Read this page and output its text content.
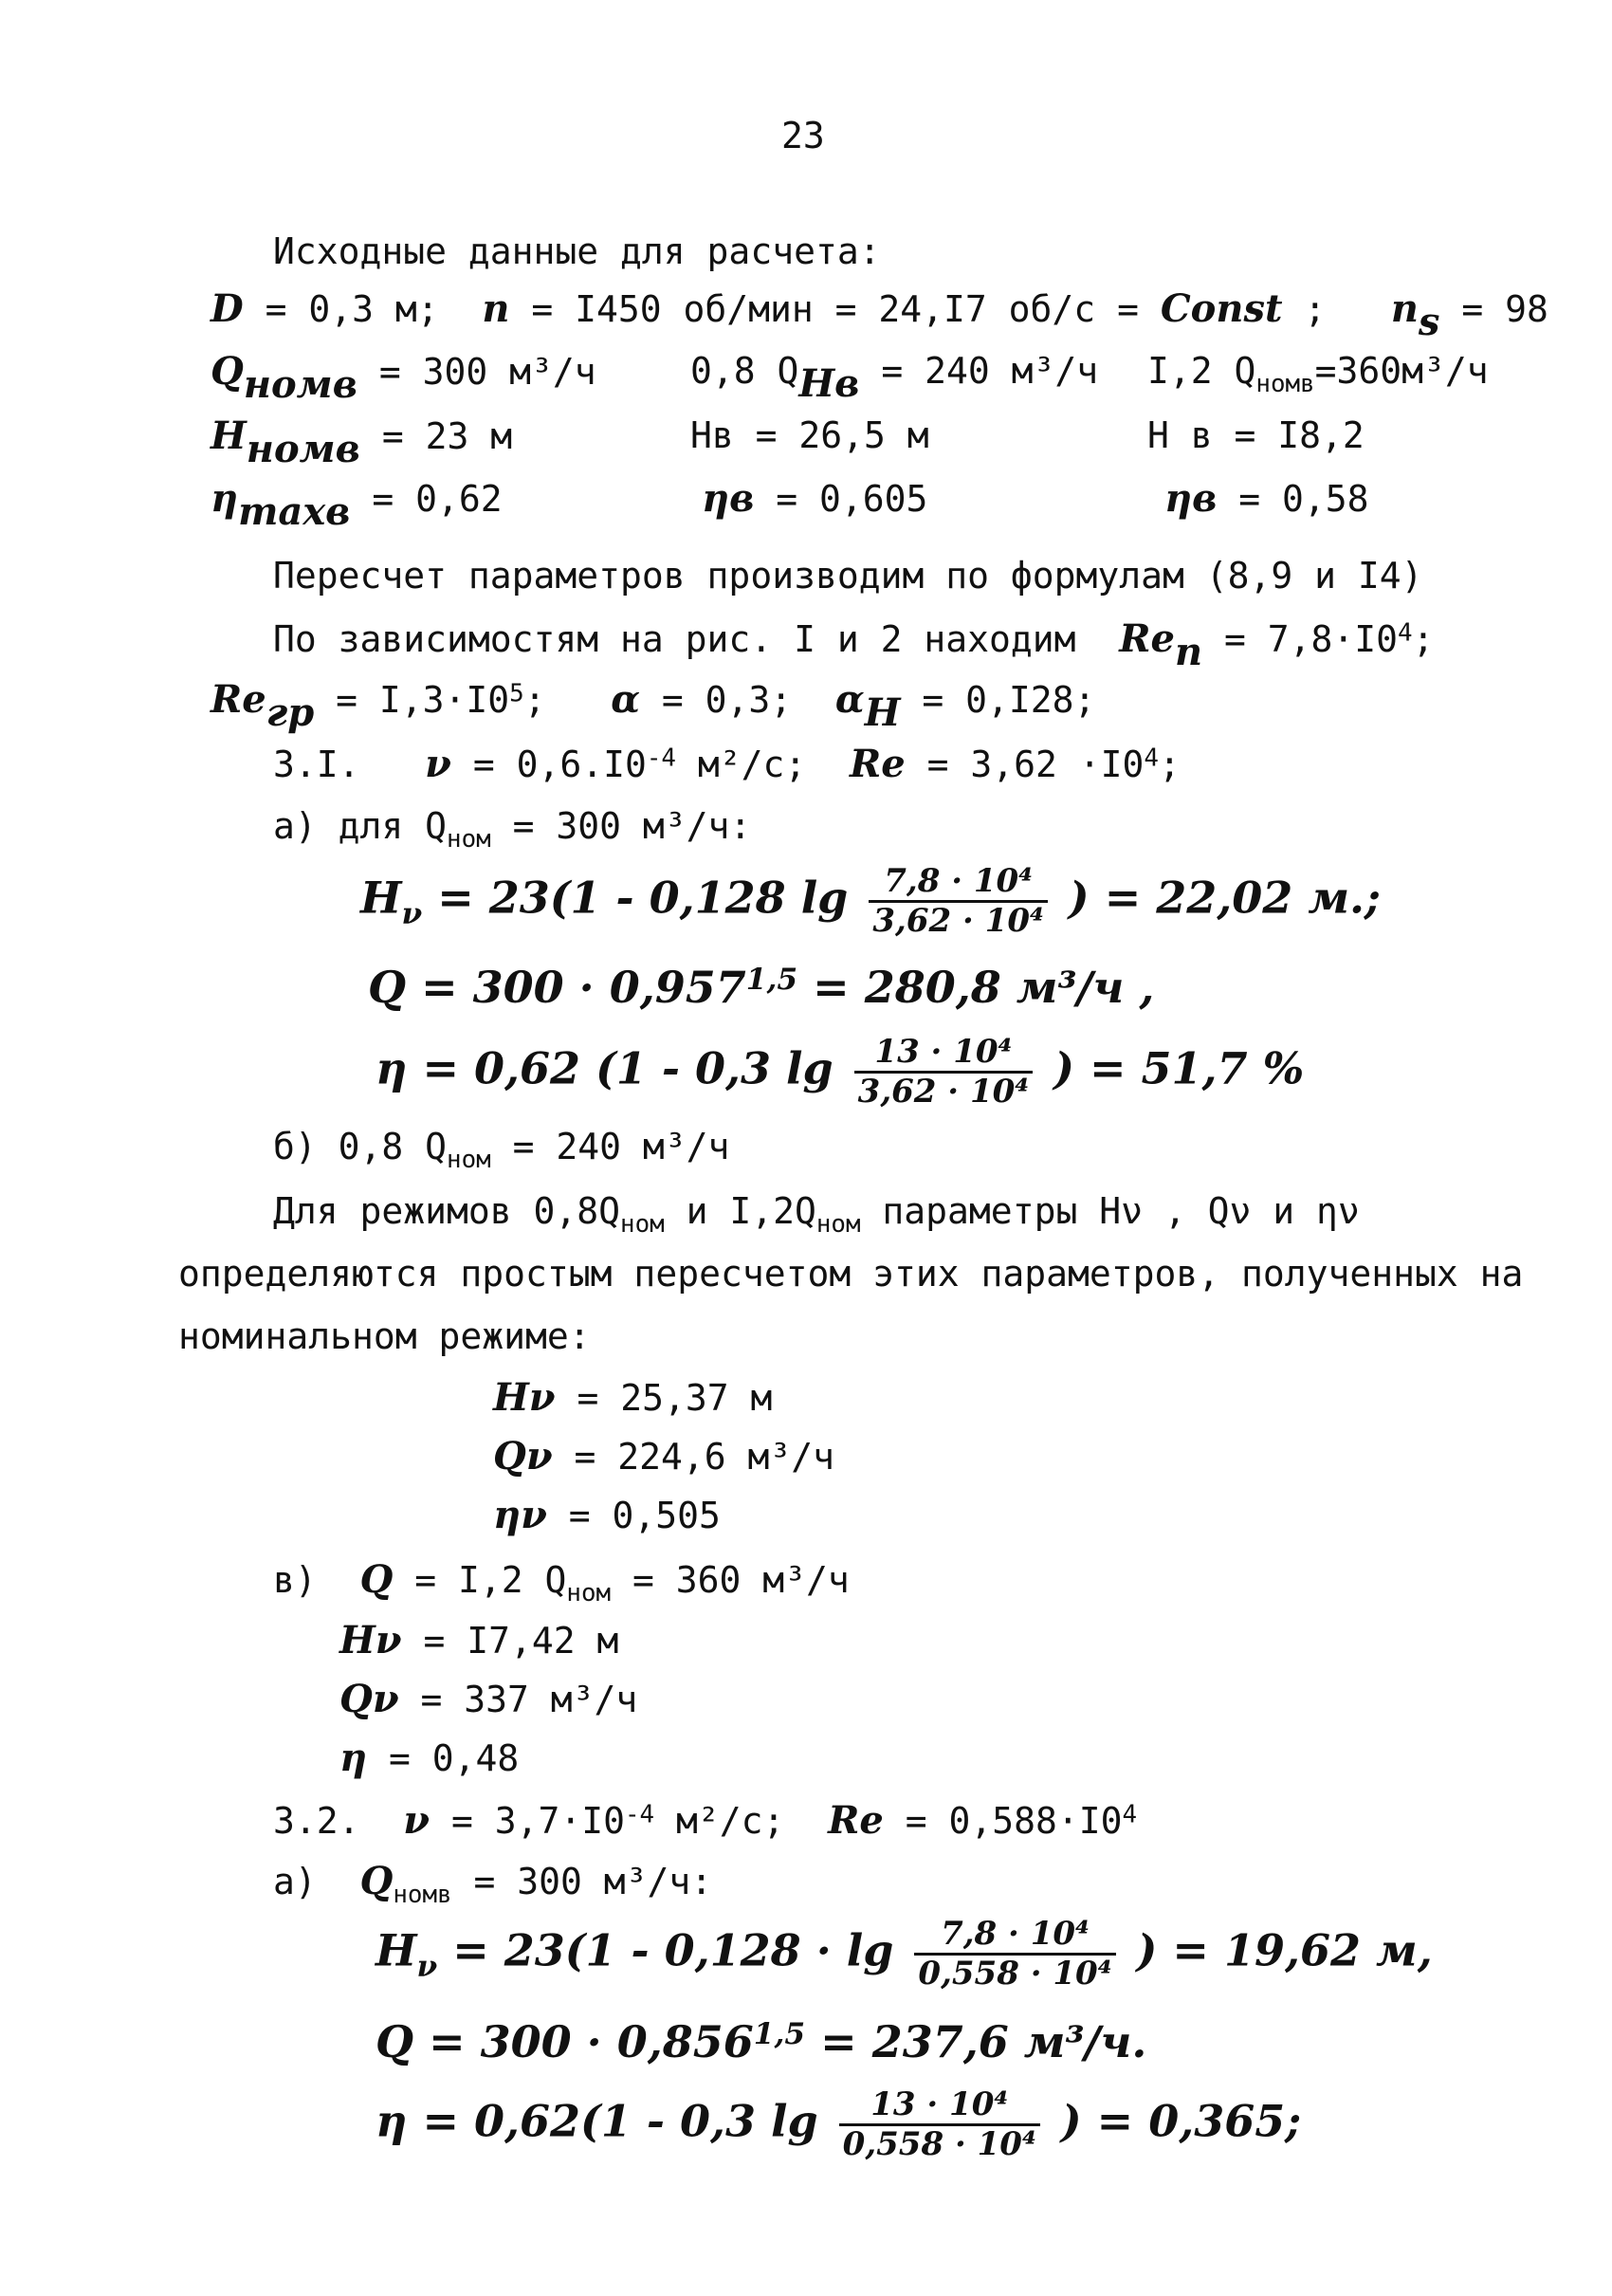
23
Исходные данные для расчета:
D = 0,3 м; n = I450 об/мин = 24,I7 об/с = Const ;   $n_s = 98$
$Q_{номв} = 300$ м³/ч	0,8 $Q_{Нв} = 240$ м³/ч I,2 $Q_{номв}=360м^3/ч$
$H_{номв} = 23$ м	Hв = 26,5 м	H в = I8,2
$\eta_{maxв} = 0,62$	ηв = 0,605	ηв = 0,58
Пересчет параметров производим по формулам (8,9 и I4)
По зависимостям на рис. I и 2 находим $Re_п = 7,8\cdot I0^4$;
$Re_{гр} = I,3\cdot I0^5$; α = 0,3; $\alpha_Н = 0,I28$;
3.I. $\nu = 0,6.I0^{-4}$ м²/с; $Re = 3,62 \cdot I0^4$;
а) для $Q_{ном} = 300$ м³/ч:
$H_\nu = 23(1 - 0,128$ $\lg \frac{\text{7,8 · 10⁴}}{\text{3,62 · 10⁴}}$ ) = 22,02 м.;
$Q = 300 \cdot 0,957^{1,5} = 280,8$ м³/ч ,
η = 0,62 (1 - 0,3 $\lg \frac{\text{13 · 10⁴}}{\text{3,62 · 10⁴}}$ ) = 51,7 %
б) 0,8 $Q_{ном} = 240$ м³/ч
Для режимов $0,8Q_{ном}$ и $I,2Q_{ном}$ параметры Hν , Qν и ην
определяются простым пересчетом этих параметров, полученных на
номинальном режиме:
Hν = 25,37 м
Qν = 224,6 м³/ч
ην = 0,505
в) Q = I,2 $Q_{ном} = 360$ м³/ч
Hν = I7,42 м
Qν = 337 м³/ч
η = 0,48
3.2. $\nu = 3,7\cdot I0^{-4}$ м²/с; $Re = 0,588\cdot I0^4$
а) $Q_{номв} = 300$ м³/ч:
$H_\nu = 23(1 - 0,128 \cdot \lg \frac{\text{7,8 · 10⁴}}{\text{0,558 · 10⁴}}$ ) = 19,62 м,
$Q = 300 \cdot 0,856^{1,5} = 237,6$ м³/ч.
η = 0,62(1 - 0,3 $\lg \frac{\text{13 · 10⁴}}{\text{0,558 · 10⁴}}$ ) = 0,365;
